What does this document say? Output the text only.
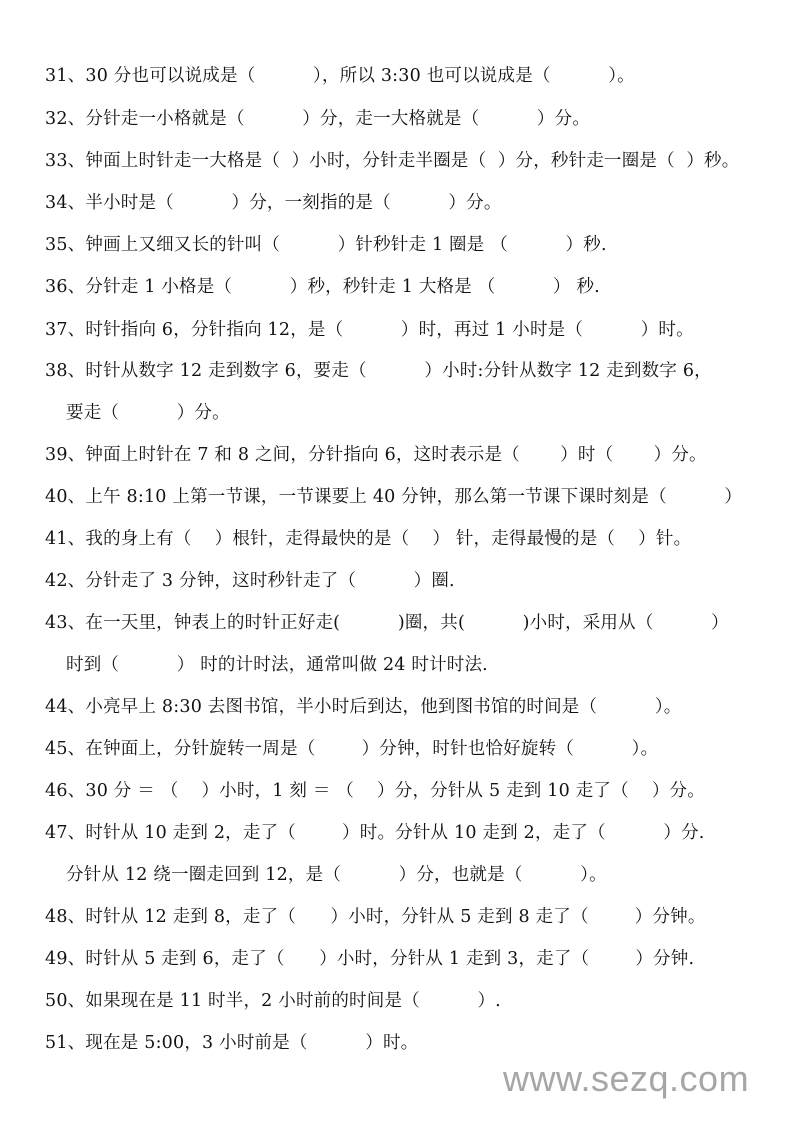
31、30 分也可以说成是（          ），所以 3:30 也可以说成是（          ）。
32、分针走一小格就是（          ）分，走一大格就是（          ）分。
33、钟面上时针走一大格是（  ）小时，分针走半圈是（  ）分，秒针走一圈是（  ）秒。
34、半小时是（          ）分，一刻指的是（          ）分。
35、钟画上又细又长的针叫（          ）针秒针走 1 圈是 （          ）秒.
36、分针走 1 小格是（          ）秒，秒针走 1 大格是 （          ） 秒.
37、时针指向 6，分针指向 12，是（          ）时，再过 1 小时是（          ）时。
38、时针从数字 12 走到数字 6，要走（          ）小时:分针从数字 12 走到数字 6，
要走（          ）分。
39、钟面上时针在 7 和 8 之间，分针指向 6，这时表示是（       ）时（       ）分。
40、上午 8:10 上第一节课，一节课要上 40 分钟，那么第一节课下课时刻是（          ）
41、我的身上有（    ）根针，走得最快的是（    ） 针，走得最慢的是（    ）针。
42、分针走了 3 分钟，这时秒针走了（          ）圈.
43、在一天里，钟表上的时针正好走(          )圈，共(          )小时，采用从（          ）
时到（          ） 时的计时法，通常叫做 24 时计时法.
44、小亮早上 8:30 去图书馆，半小时后到达，他到图书馆的时间是（          ）。
45、在钟面上，分针旋转一周是（        ）分钟，时针也恰好旋转（          ）。
46、30 分 ＝ （    ）小时，1 刻 ＝ （    ）分，分针从 5 走到 10 走了（    ）分。
47、时针从 10 走到 2，走了（        ）时。分针从 10 走到 2，走了（          ）分.
分针从 12 绕一圈走回到 12，是（          ）分，也就是（          ）。
48、时针从 12 走到 8，走了（      ）小时，分针从 5 走到 8 走了（        ）分钟。
49、时针从 5 走到 6，走了（      ）小时，分针从 1 走到 3，走了（        ）分钟.
50、如果现在是 11 时半，2 小时前的时间是（          ）.
51、现在是 5:00，3 小时前是（          ）时。
www.sezq.com
